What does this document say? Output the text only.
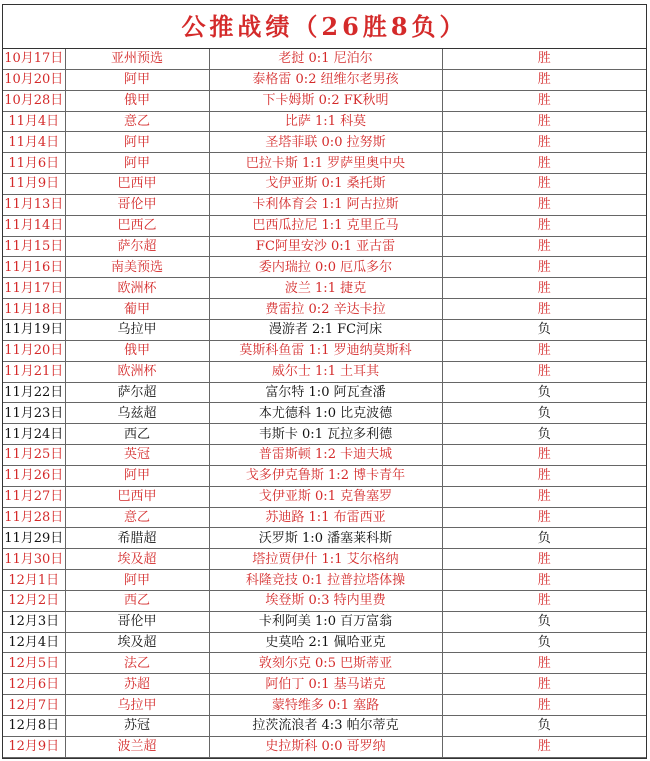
公推战绩（26胜8负）
10月17日	亚州预选	老挝 0:1 尼泊尔	胜
10月20日	阿甲	泰格雷 0:2 纽维尔老男孩	胜
10月28日	俄甲	下卡姆斯 0:2 FK秋明	胜
11月4日	意乙	比萨 1:1 科莫	胜
11月4日	阿甲	圣塔菲联 0:0 拉努斯	胜
11月6日	阿甲	巴拉卡斯 1:1 罗萨里奥中央	胜
11月9日	巴西甲	戈伊亚斯 0:1 桑托斯	胜
11月13日	哥伦甲	卡利体育会 1:1 阿古拉斯	胜
11月14日	巴西乙	巴西瓜拉尼 1:1 克里丘马	胜
11月15日	萨尔超	FC阿里安沙 0:1 亚古雷	胜
11月16日	南美预选	委内瑞拉 0:0 厄瓜多尔	胜
11月17日	欧洲杯	波兰 1:1 捷克	胜
11月18日	葡甲	费雷拉 0:2 辛达卡拉	胜
11月19日	乌拉甲	漫游者 2:1 FC河床	负
11月20日	俄甲	莫斯科鱼雷 1:1 罗迪纳莫斯科	胜
11月21日	欧洲杯	威尔士 1:1 土耳其	胜
11月22日	萨尔超	富尔特 1:0 阿瓦查潘	负
11月23日	乌兹超	本尤德科 1:0 比克波德	负
11月24日	西乙	韦斯卡 0:1 瓦拉多利德	负
11月25日	英冠	普雷斯顿 1:2 卡迪夫城	胜
11月26日	阿甲	戈多伊克鲁斯 1:2 博卡青年	胜
11月27日	巴西甲	戈伊亚斯 0:1 克鲁塞罗	胜
11月28日	意乙	苏迪路 1:1 布雷西亚	胜
11月29日	希腊超	沃罗斯 1:0 潘塞莱科斯	负
11月30日	埃及超	塔拉贾伊什 1:1 艾尔格纳	胜
12月1日	阿甲	科隆竞技 0:1 拉普拉塔体操	胜
12月2日	西乙	埃登斯 0:3 特内里费	胜
12月3日	哥伦甲	卡利阿美 1:0 百万富翁	负
12月4日	埃及超	史莫哈 2:1 佩哈亚克	负
12月5日	法乙	敦刻尔克 0:5 巴斯蒂亚	胜
12月6日	苏超	阿伯丁 0:1 基马诺克	胜
12月7日	乌拉甲	蒙特维多 0:1 塞路	胜
12月8日	苏冠	拉茨流浪者 4:3 帕尔蒂克	负
12月9日	波兰超	史拉斯科 0:0 哥罗纳	胜
